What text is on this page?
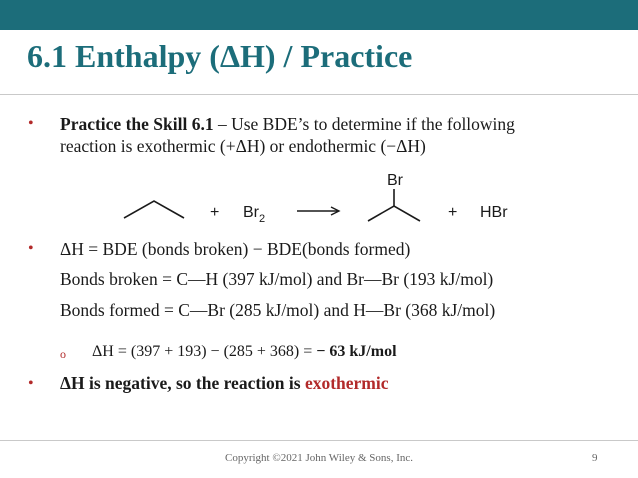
6.1 Enthalpy (ΔH) / Practice
• Practice the Skill 6.1 – Use BDE’s to determine if the following
reaction is exothermic (+ΔH) or endothermic (−ΔH)
+ $Br_2$
Br
+ HBr
• ΔH = BDE (bonds broken) − BDE(bonds formed)
Bonds broken = C—H (397 kJ/mol) and Br—Br (193 kJ/mol)
Bonds formed = C—Br (285 kJ/mol) and H—Br (368 kJ/mol)
o ΔH = (397 + 193) − (285 + 368) = − 63 kJ/mol
• ΔH is negative, so the reaction is exothermic
Copyright ©2021 John Wiley & Sons, Inc.	9
